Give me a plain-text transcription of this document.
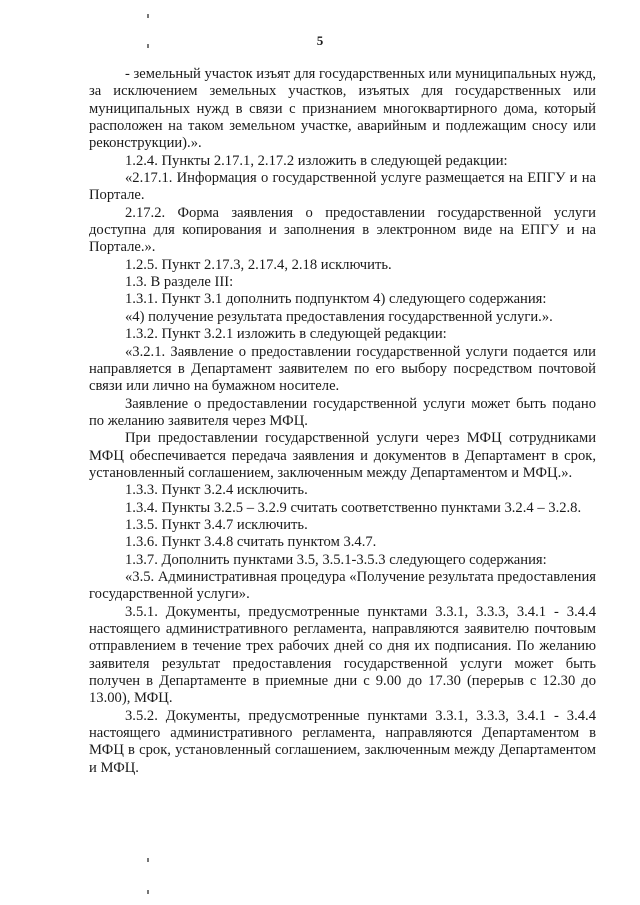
5

- земельный участок изъят для государственных или муниципальных нужд, за исключением земельных участков, изъятых для государственных или муниципальных нужд в связи с признанием многоквартирного дома, который расположен на таком земельном участке, аварийным и подлежащим сносу или реконструкции).».

1.2.4. Пункты 2.17.1, 2.17.2 изложить в следующей редакции:

«2.17.1. Информация о государственной услуге размещается на ЕПГУ и на Портале.

2.17.2. Форма заявления о предоставлении государственной услуги доступна для копирования и заполнения в электронном виде на ЕПГУ и на Портале.».

1.2.5. Пункт 2.17.3, 2.17.4, 2.18 исключить.

1.3. В разделе III:

1.3.1. Пункт 3.1 дополнить подпунктом 4) следующего содержания:

«4) получение результата предоставления государственной услуги.».

1.3.2. Пункт 3.2.1 изложить в следующей редакции:

«3.2.1. Заявление о предоставлении государственной услуги подается или направляется в Департамент заявителем по его выбору посредством почтовой связи или лично на бумажном носителе.

Заявление о предоставлении государственной услуги может быть подано по желанию заявителя через МФЦ.

При предоставлении государственной услуги через МФЦ сотрудниками МФЦ обеспечивается передача заявления и документов в Департамент в срок, установленный соглашением, заключенным между Департаментом и МФЦ.».

1.3.3. Пункт 3.2.4 исключить.

1.3.4. Пункты 3.2.5 – 3.2.9 считать соответственно пунктами 3.2.4 – 3.2.8.

1.3.5. Пункт 3.4.7 исключить.

1.3.6. Пункт 3.4.8 считать пунктом 3.4.7.

1.3.7. Дополнить пунктами 3.5, 3.5.1-3.5.3 следующего содержания:

«3.5. Административная процедура «Получение результата предоставления государственной услуги».

3.5.1. Документы, предусмотренные пунктами 3.3.1, 3.3.3, 3.4.1 - 3.4.4 настоящего административного регламента, направляются заявителю почтовым отправлением в течение трех рабочих дней со дня их подписания. По желанию заявителя результат предоставления государственной услуги может быть получен в Департаменте в приемные дни с 9.00 до 17.30 (перерыв с 12.30 до 13.00), МФЦ.

3.5.2. Документы, предусмотренные пунктами 3.3.1, 3.3.3, 3.4.1 - 3.4.4 настоящего административного регламента, направляются Департаментом в МФЦ в срок, установленный соглашением, заключенным между Департаментом и МФЦ.
